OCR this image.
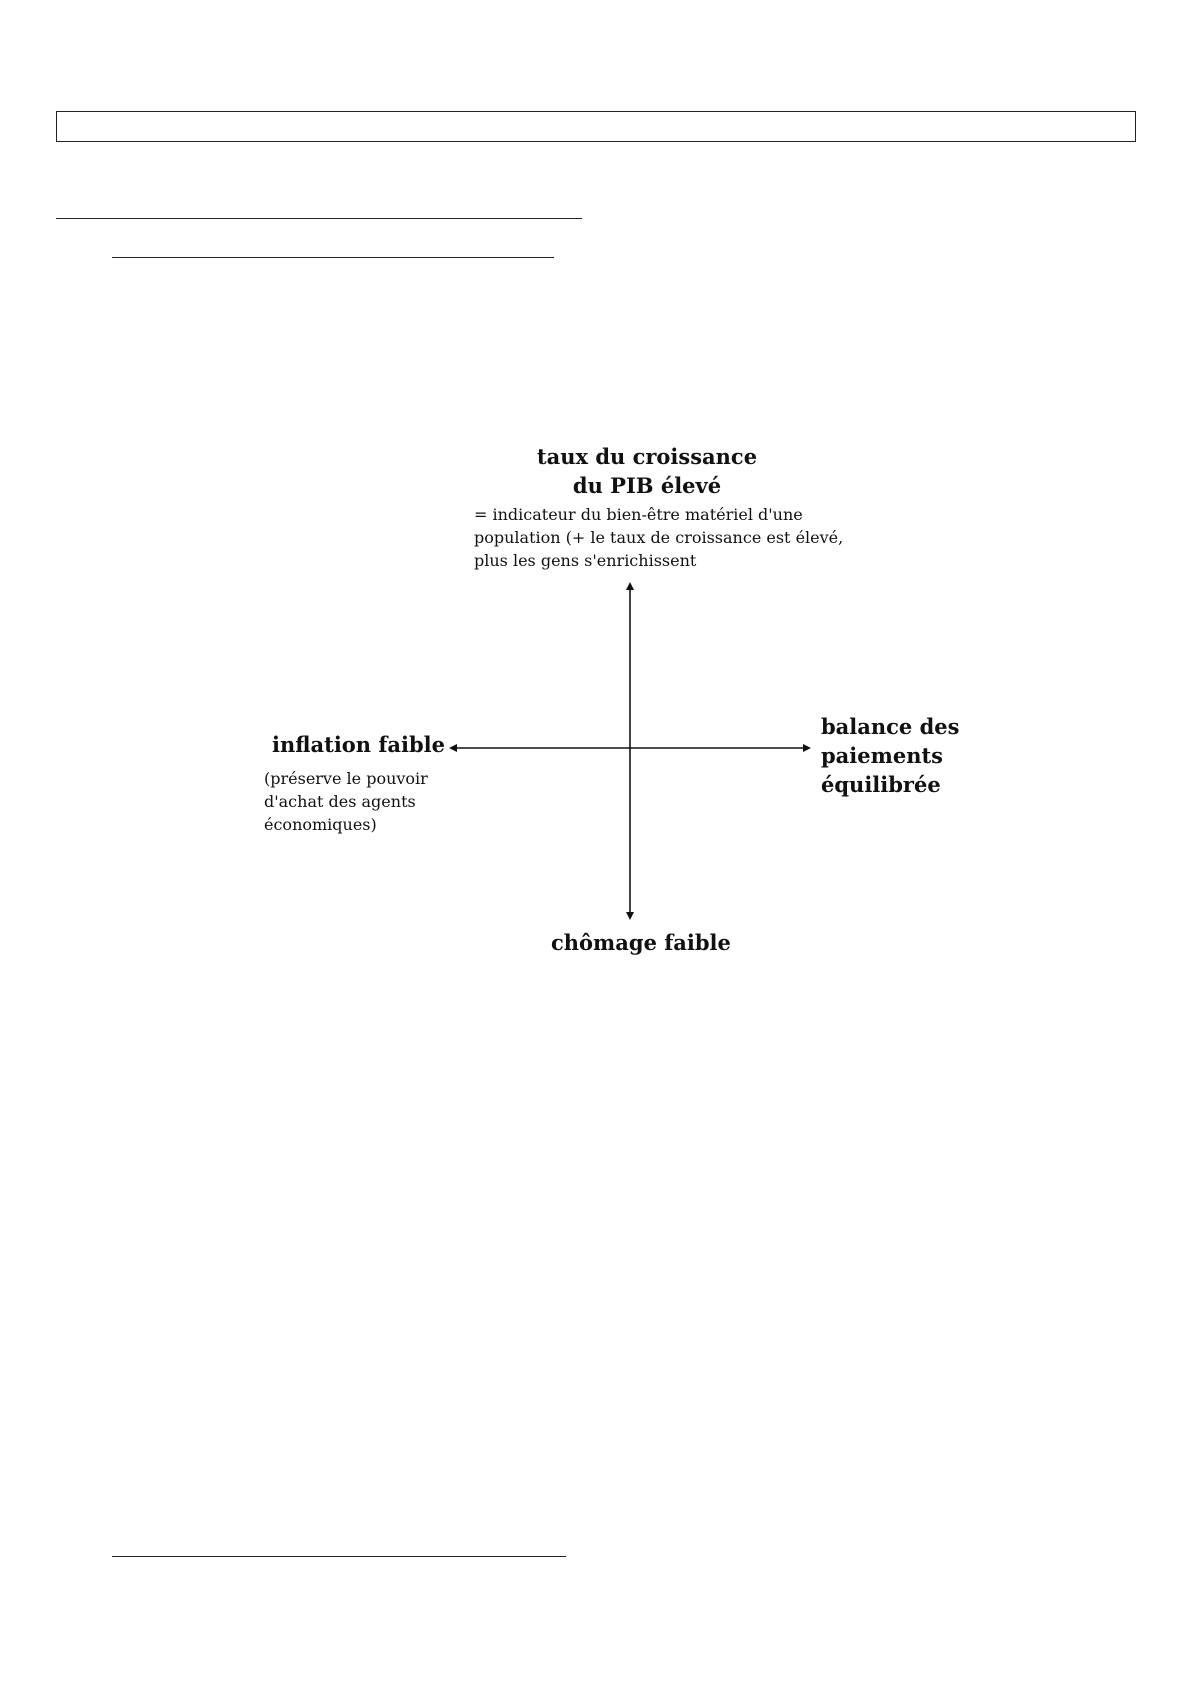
taux du croissance
du PIB élevé
= indicateur du bien-être matériel d'une
population (+ le taux de croissance est élevé,
plus les gens s'enrichissent
inflation faible
(préserve le pouvoir
d'achat des agents
économiques)
balance des
paiements
équilibrée
chômage faible
